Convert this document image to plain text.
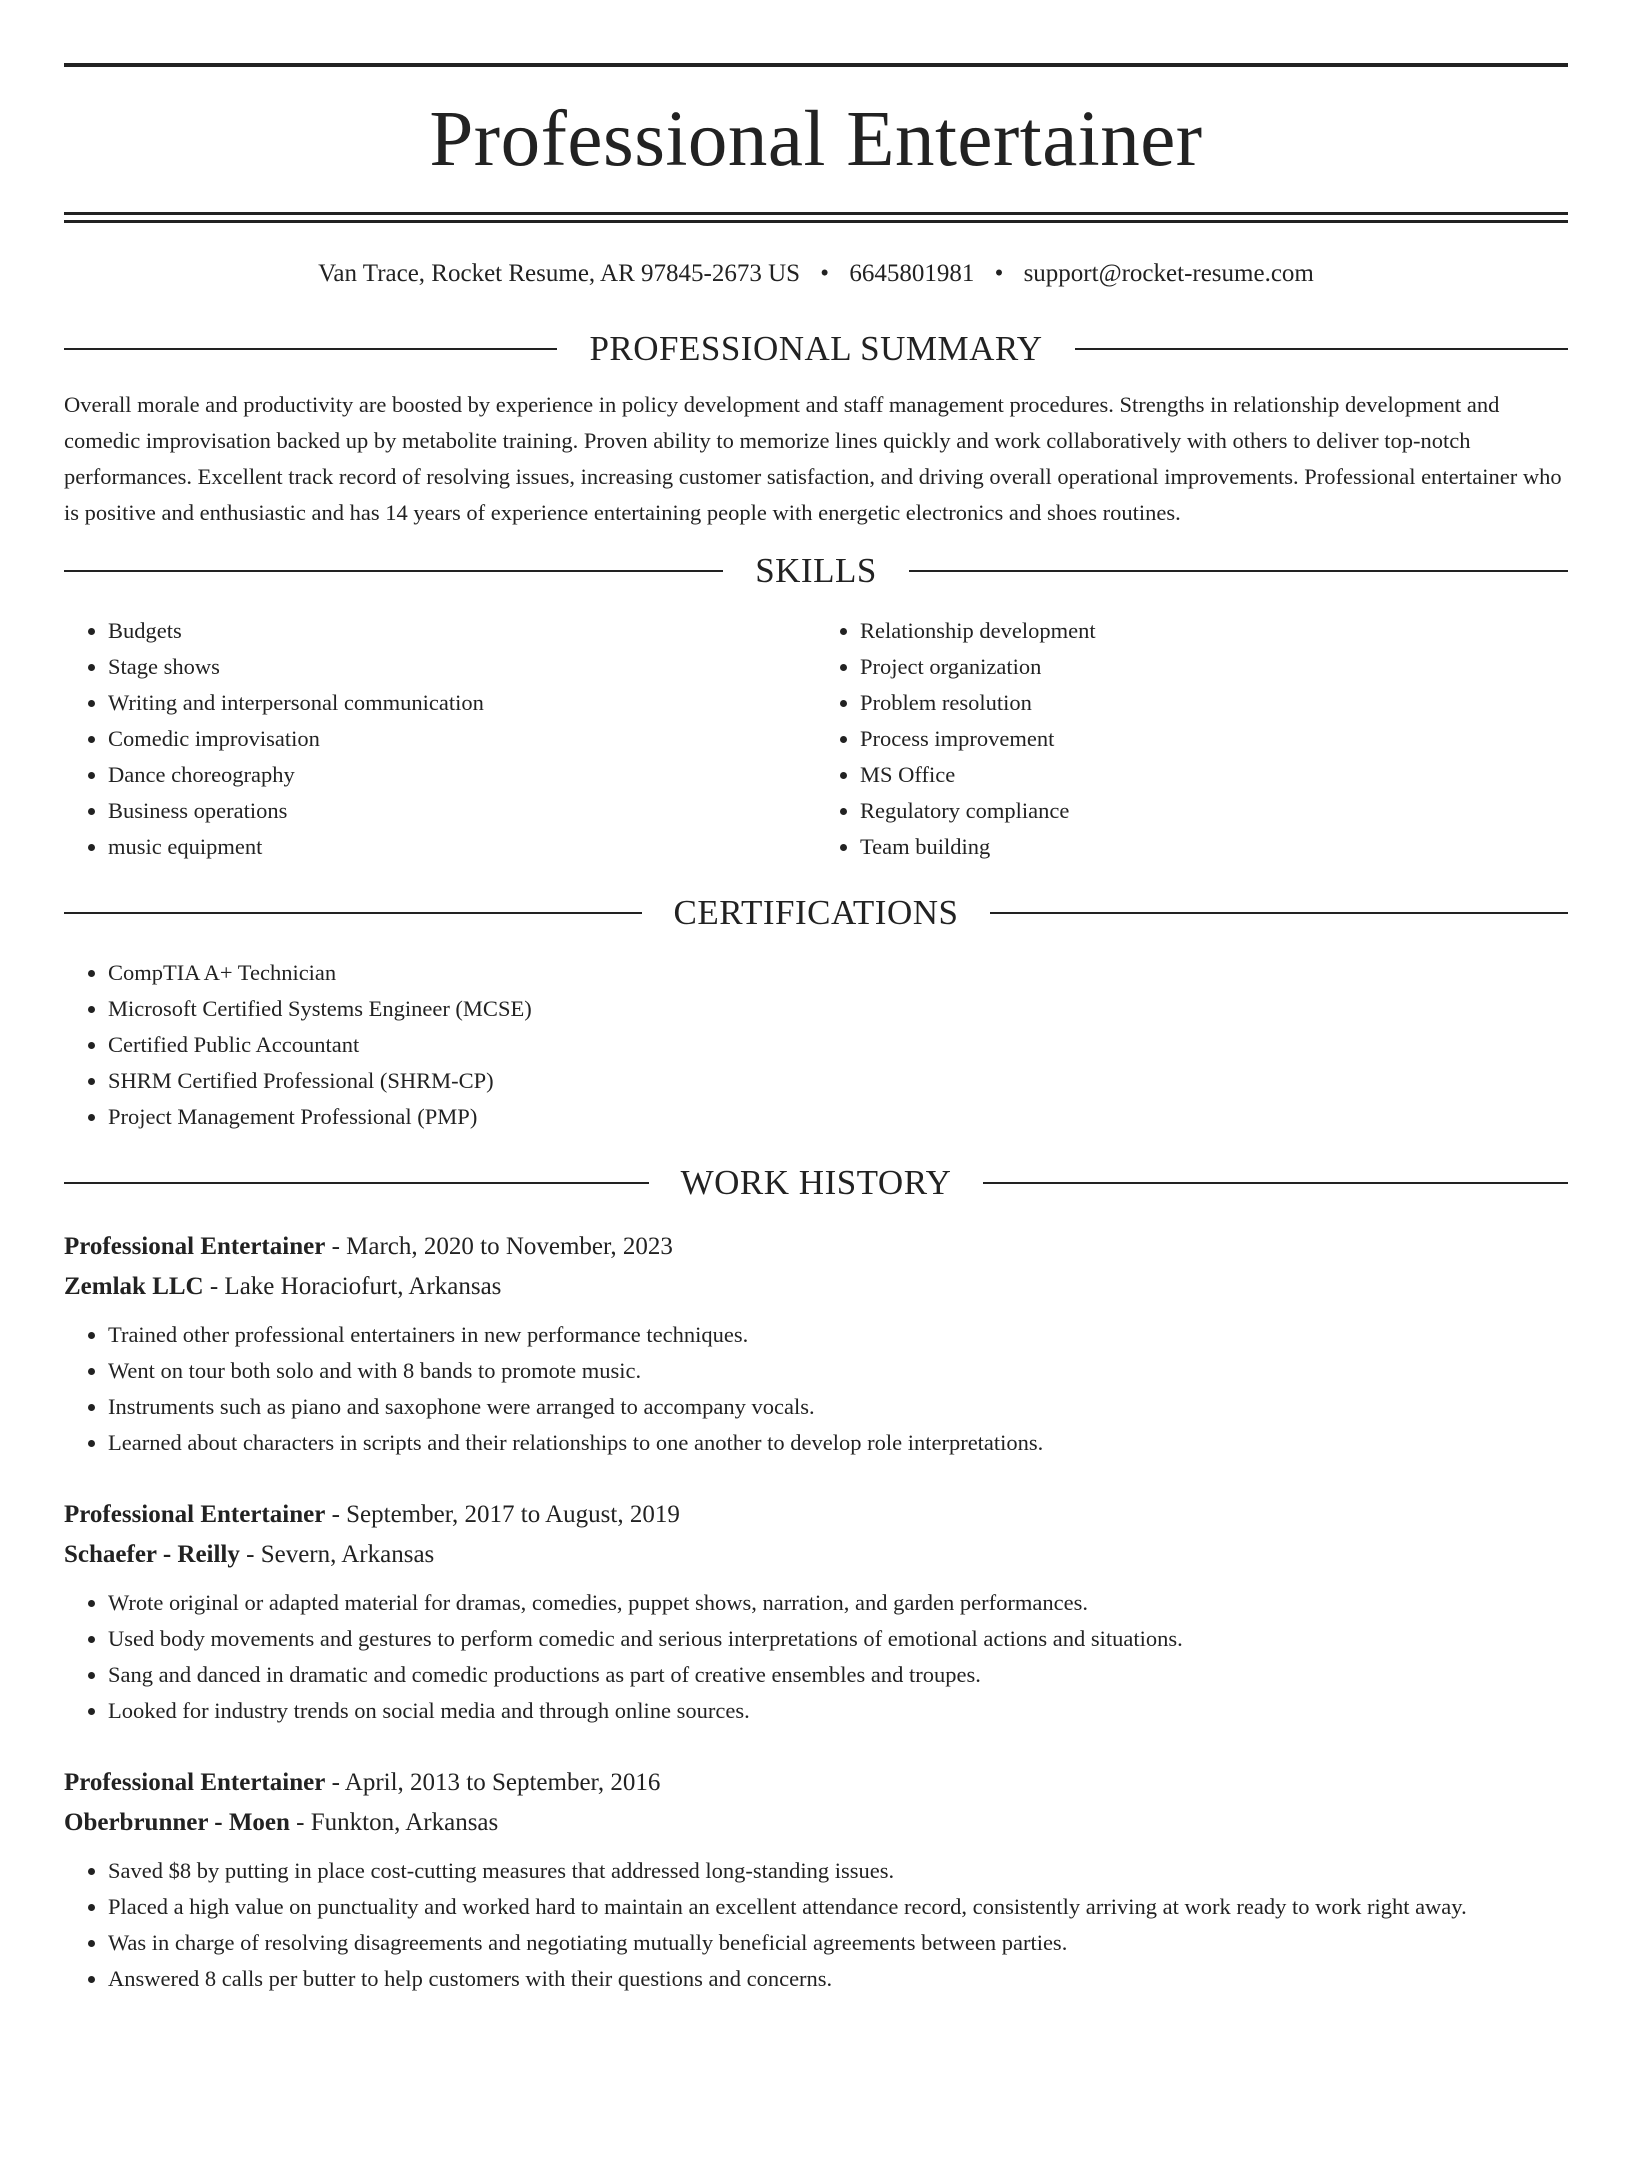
Professional Entertainer
Van Trace, Rocket Resume, AR 97845-2673 US • 6645801981 • support@rocket-resume.com
PROFESSIONAL SUMMARY

Overall morale and productivity are boosted by experience in policy development and staff management procedures. Strengths in relationship development and comedic improvisation backed up by metabolite training. Proven ability to memorize lines quickly and work collaboratively with others to deliver top-notch performances. Excellent track record of resolving issues, increasing customer satisfaction, and driving overall operational improvements. Professional entertainer who is positive and enthusiastic and has 14 years of experience entertaining people with energetic electronics and shoes routines.

SKILLS
• Budgets
• Stage shows
• Writing and interpersonal communication
• Comedic improvisation
• Dance choreography
• Business operations
• music equipment
• Relationship development
• Project organization
• Problem resolution
• Process improvement
• MS Office
• Regulatory compliance
• Team building
CERTIFICATIONS
• CompTIA A+ Technician
• Microsoft Certified Systems Engineer (MCSE)
• Certified Public Accountant
• SHRM Certified Professional (SHRM-CP)
• Project Management Professional (PMP)
WORK HISTORY
Professional Entertainer - March, 2020 to November, 2023
Zemlak LLC - Lake Horaciofurt, Arkansas
• Trained other professional entertainers in new performance techniques.
• Went on tour both solo and with 8 bands to promote music.
• Instruments such as piano and saxophone were arranged to accompany vocals.
• Learned about characters in scripts and their relationships to one another to develop role interpretations.
Professional Entertainer - September, 2017 to August, 2019
Schaefer - Reilly - Severn, Arkansas
• Wrote original or adapted material for dramas, comedies, puppet shows, narration, and garden performances.
• Used body movements and gestures to perform comedic and serious interpretations of emotional actions and situations.
• Sang and danced in dramatic and comedic productions as part of creative ensembles and troupes.
• Looked for industry trends on social media and through online sources.
Professional Entertainer - April, 2013 to September, 2016
Oberbrunner - Moen - Funkton, Arkansas
• Saved $8 by putting in place cost-cutting measures that addressed long-standing issues.
• Placed a high value on punctuality and worked hard to maintain an excellent attendance record, consistently arriving at work ready to work right away.
• Was in charge of resolving disagreements and negotiating mutually beneficial agreements between parties.
• Answered 8 calls per butter to help customers with their questions and concerns.
